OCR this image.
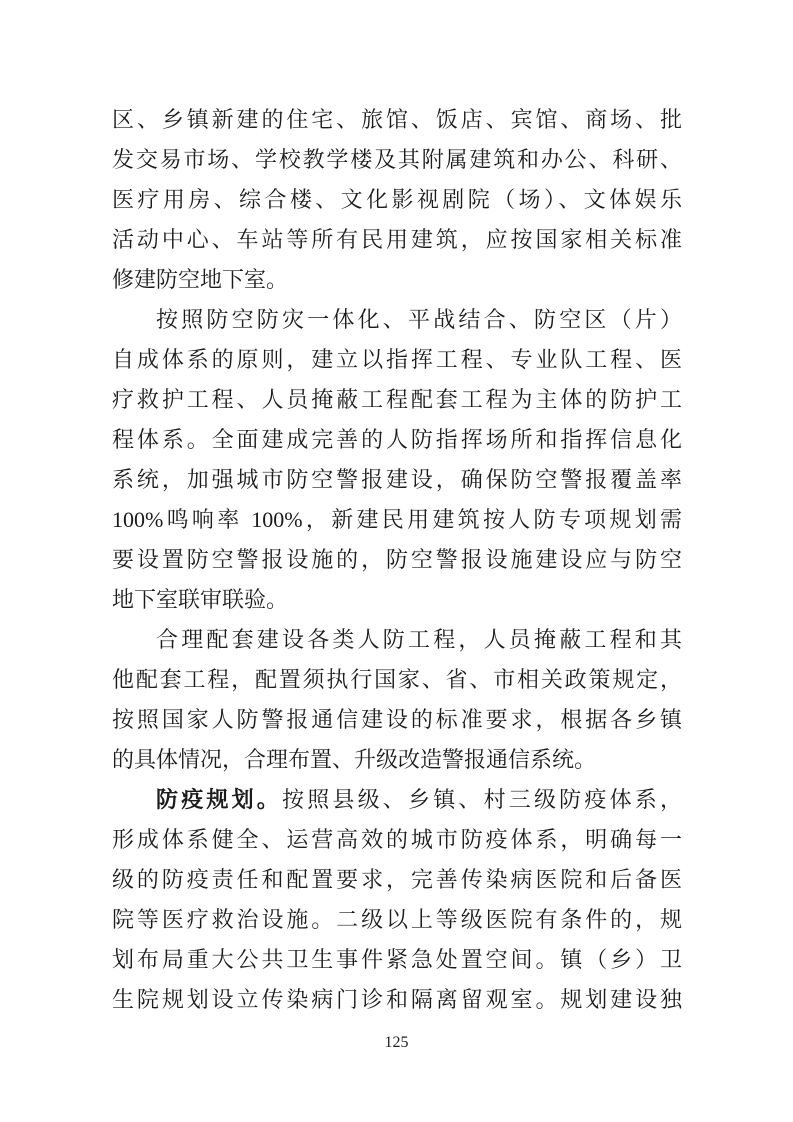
区、乡镇新建的住宅、旅馆、饭店、宾馆、商场、批
发交易市场、学校教学楼及其附属建筑和办公、科研、
医疗用房、综合楼、文化影视剧院（场）、文体娱乐
活动中心、车站等所有民用建筑，应按国家相关标准
修建防空地下室。
按照防空防灾一体化、平战结合、防空区（片）
自成体系的原则，建立以指挥工程、专业队工程、医
疗救护工程、人员掩蔽工程配套工程为主体的防护工
程体系。全面建成完善的人防指挥场所和指挥信息化
系统，加强城市防空警报建设，确保防空警报覆盖率
100%鸣响率 100%，新建民用建筑按人防专项规划需
要设置防空警报设施的，防空警报设施建设应与防空
地下室联审联验。
合理配套建设各类人防工程，人员掩蔽工程和其
他配套工程，配置须执行国家、省、市相关政策规定，
按照国家人防警报通信建设的标准要求，根据各乡镇
的具体情况，合理布置、升级改造警报通信系统。
防疫规划。按照县级、乡镇、村三级防疫体系，
形成体系健全、运营高效的城市防疫体系，明确每一
级的防疫责任和配置要求，完善传染病医院和后备医
院等医疗救治设施。二级以上等级医院有条件的，规
划布局重大公共卫生事件紧急处置空间。镇（乡）卫
生院规划设立传染病门诊和隔离留观室。规划建设独
125
